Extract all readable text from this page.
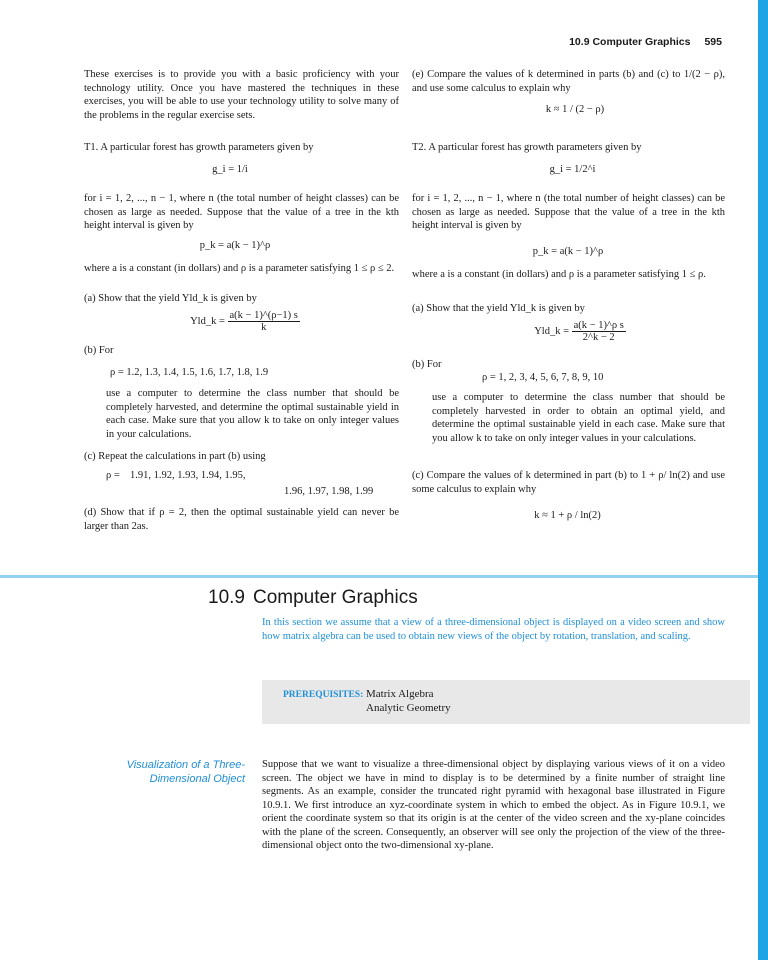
10.9 Computer Graphics 595
These exercises is to provide you with a basic proficiency with your technology utility. Once you have mastered the techniques in these exercises, you will be able to use your technology utility to solve many of the problems in the regular exercise sets.
T1. A particular forest has growth parameters given by
g_i = 1/i
for i = 1, 2, ..., n − 1, where n (the total number of height classes) can be chosen as large as needed. Suppose that the value of a tree in the kth height interval is given by
p_k = a(k − 1)^ρ
where a is a constant (in dollars) and ρ is a parameter satisfying 1 ≤ ρ ≤ 2.
(a) Show that the yield Yld_k is given by
Yld_k = $\frac{a(k - 1)\^{}(\rho-1) s}{k}$
(b) For
ρ = 1.2, 1.3, 1.4, 1.5, 1.6, 1.7, 1.8, 1.9
use a computer to determine the class number that should be completely harvested, and determine the optimal sustainable yield in each case. Make sure that you allow k to take on only integer values in your calculations.
(c) Repeat the calculations in part (b) using
ρ = 1.91, 1.92, 1.93, 1.94, 1.95,
1.96, 1.97, 1.98, 1.99
(d) Show that if ρ = 2, then the optimal sustainable yield can never be larger than 2as.
(e) Compare the values of k determined in parts (b) and (c) to 1/(2 − ρ), and use some calculus to explain why
k ≈ 1 / (2 − ρ)
T2. A particular forest has growth parameters given by
g_i = 1/2^i
for i = 1, 2, ..., n − 1, where n (the total number of height classes) can be chosen as large as needed. Suppose that the value of a tree in the kth height interval is given by
p_k = a(k − 1)^ρ
where a is a constant (in dollars) and ρ is a parameter satisfying 1 ≤ ρ.
(a) Show that the yield Yld_k is given by
Yld_k = $\frac{\text{a(k − 1)\textasciicircum{}ρ s}}{2\^{}k - 2}$
(b) For
ρ = 1, 2, 3, 4, 5, 6, 7, 8, 9, 10
use a computer to determine the class number that should be completely harvested in order to obtain an optimal yield, and determine the optimal sustainable yield in each case. Make sure that you allow k to take on only integer values in your calculations.
(c) Compare the values of k determined in part (b) to 1 + ρ/ ln(2) and use some calculus to explain why
k ≈ 1 + ρ / ln(2)
10.9 Computer Graphics
In this section we assume that a view of a three-dimensional object is displayed on a video screen and show how matrix algebra can be used to obtain new views of the object by rotation, translation, and scaling.
PREREQUISITES: Matrix Algebra
Analytic Geometry
Visualization of a Three-Dimensional Object
Suppose that we want to visualize a three-dimensional object by displaying various views of it on a video screen. The object we have in mind to display is to be determined by a finite number of straight line segments. As an example, consider the truncated right pyramid with hexagonal base illustrated in Figure 10.9.1. We first introduce an xyz-coordinate system in which to embed the object. As in Figure 10.9.1, we orient the coordinate system so that its origin is at the center of the video screen and the xy-plane coincides with the plane of the screen. Consequently, an observer will see only the projection of the view of the three-dimensional object onto the two-dimensional xy-plane.
